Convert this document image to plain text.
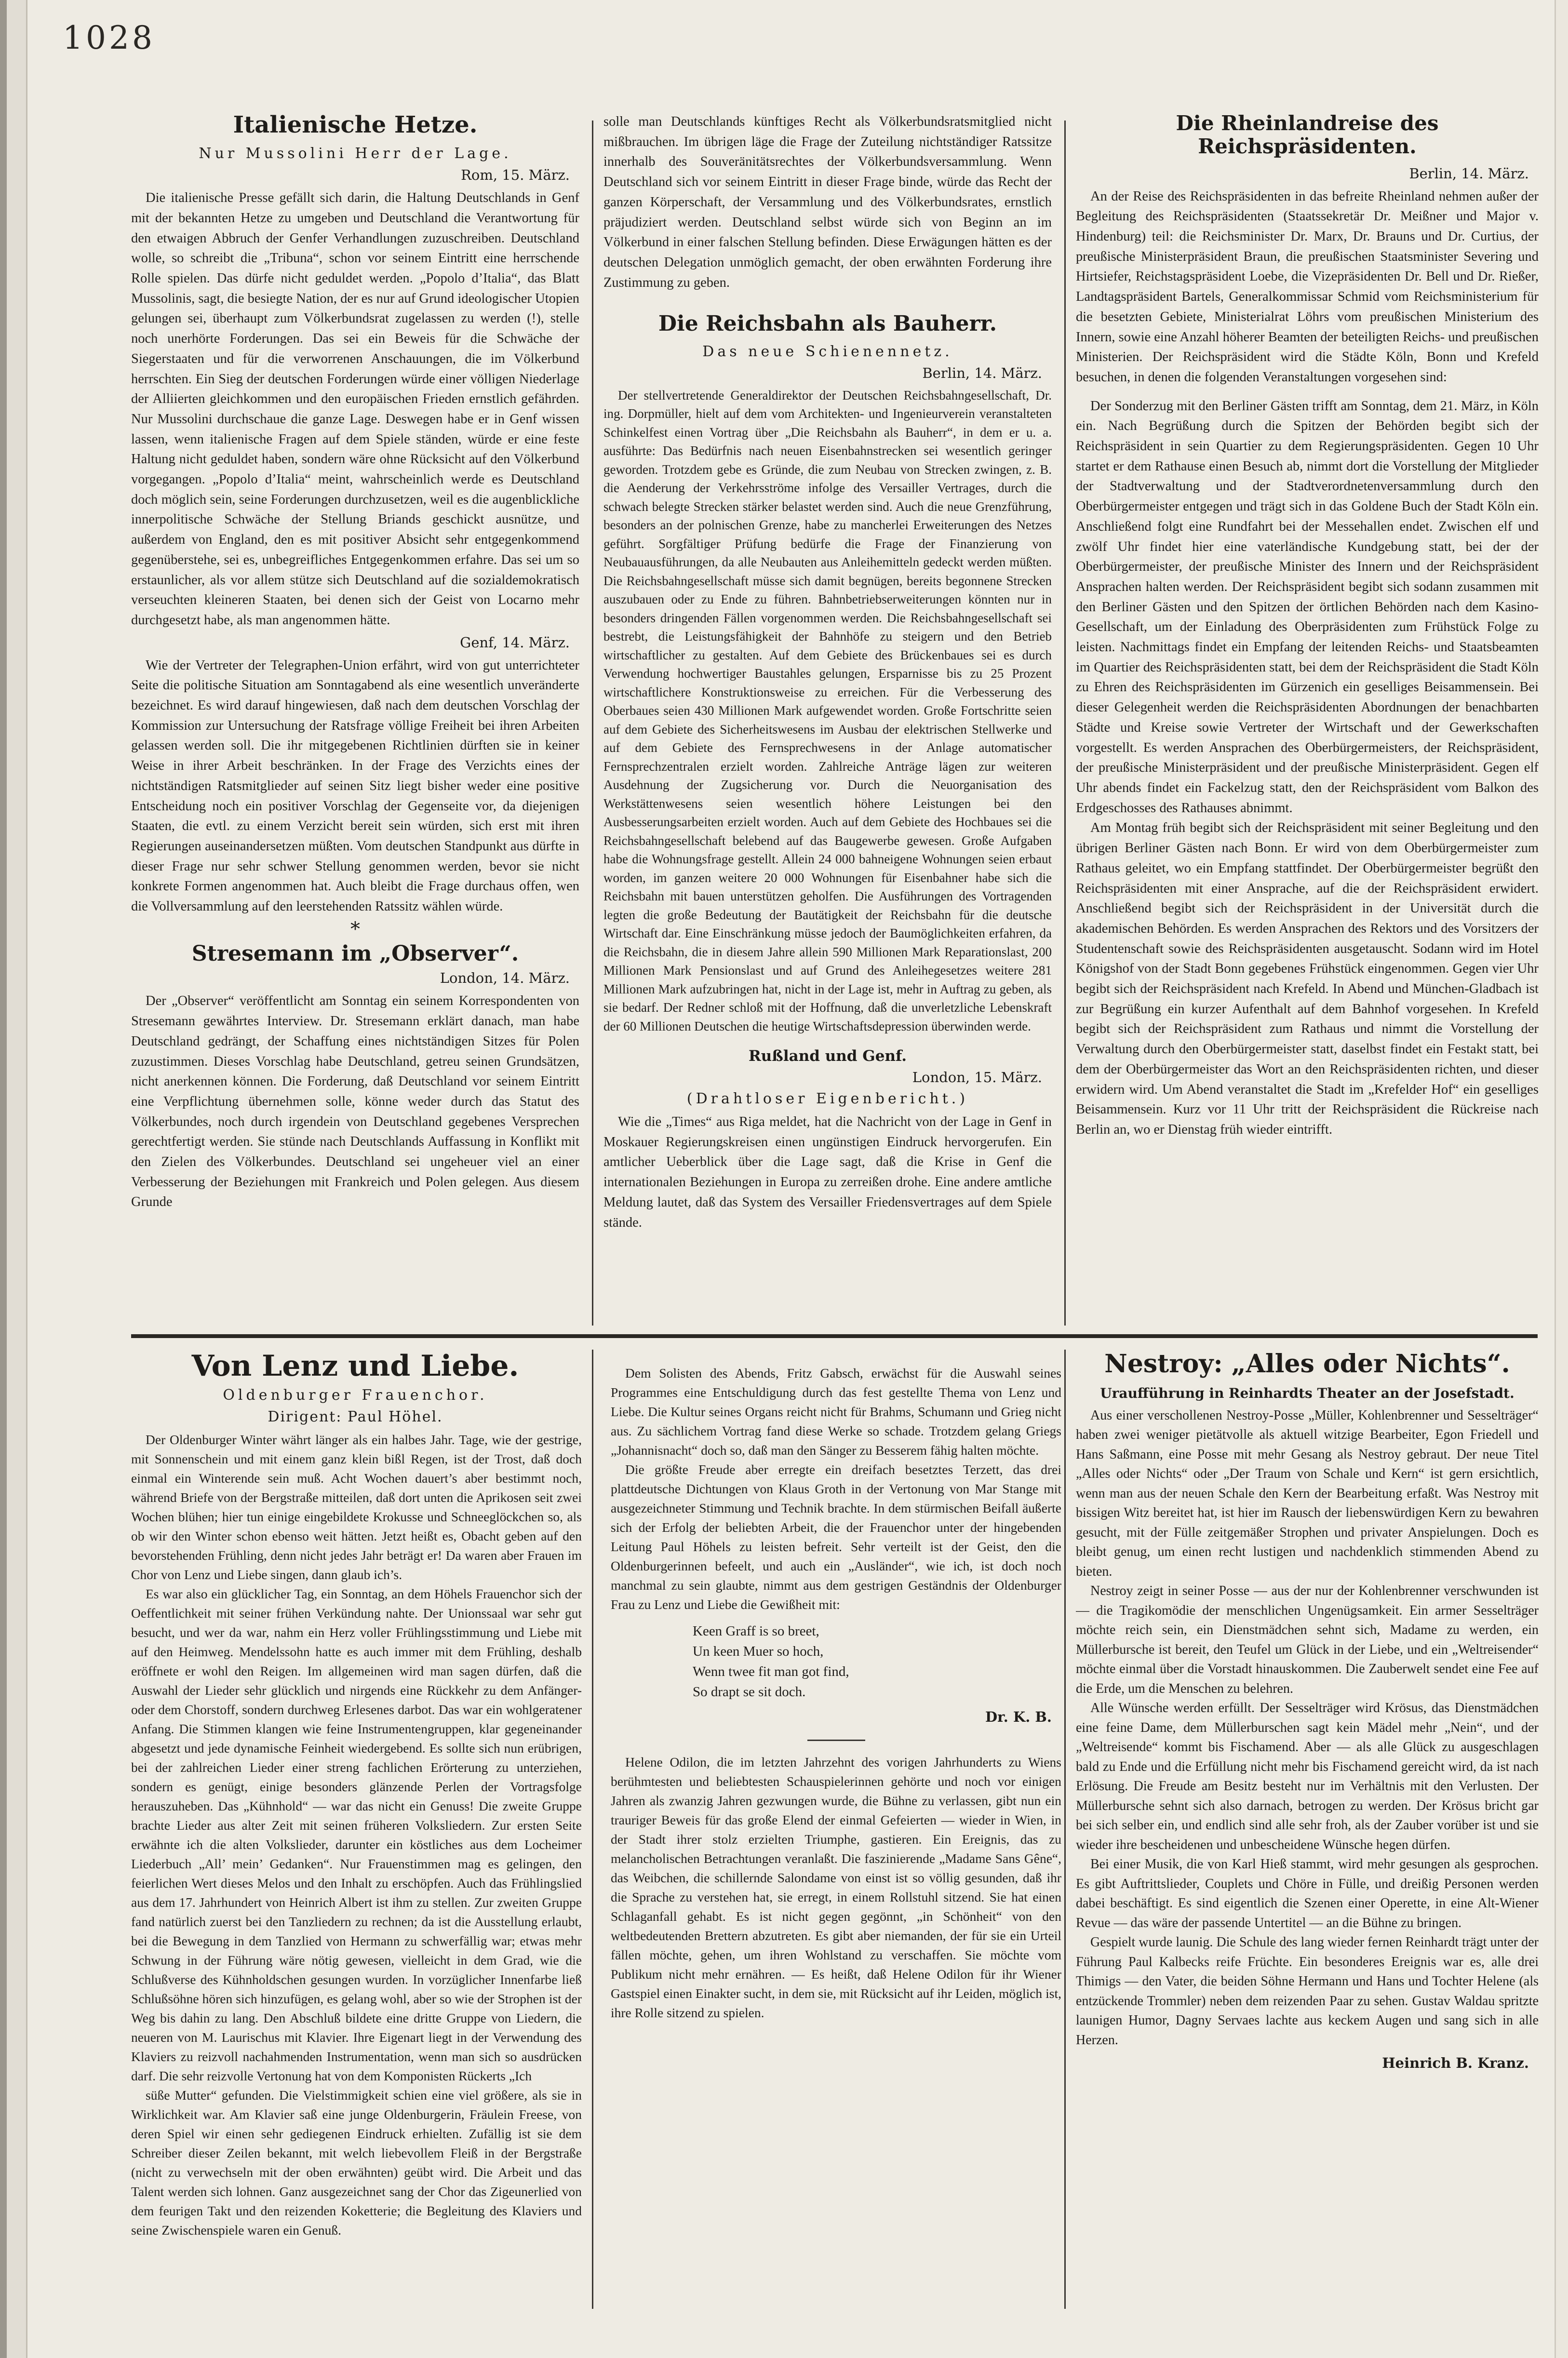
1028
Italienische Hetze.
Nur Mussolini Herr der Lage.
Rom, 15. März.

Die italienische Presse gefällt sich darin, die Haltung Deutschlands in Genf mit der bekannten Hetze zu umgeben und Deutschland die Verantwortung für den etwaigen Abbruch der Genfer Verhandlungen zuzuschreiben. Deutschland wolle, so schreibt die „Tribuna“, schon vor seinem Eintritt eine herrschende Rolle spielen. Das dürfe nicht geduldet werden. „Popolo d’Italia“, das Blatt Mussolinis, sagt, die besiegte Nation, der es nur auf Grund ideologischer Utopien gelungen sei, überhaupt zum Völkerbundsrat zugelassen zu werden (!), stelle noch unerhörte Forderungen. Das sei ein Beweis für die Schwäche der Siegerstaaten und für die verworrenen Anschauungen, die im Völkerbund herrschten. Ein Sieg der deutschen Forderungen würde einer völligen Niederlage der Alliierten gleichkommen und den europäischen Frieden ernstlich gefährden. Nur Mussolini durchschaue die ganze Lage. Deswegen habe er in Genf wissen lassen, wenn italienische Fragen auf dem Spiele ständen, würde er eine feste Haltung nicht geduldet haben, sondern wäre ohne Rücksicht auf den Völkerbund vorgegangen. „Popolo d’Italia“ meint, wahrscheinlich werde es Deutschland doch möglich sein, seine Forderungen durchzusetzen, weil es die augenblickliche innerpolitische Schwäche der Stellung Briands geschickt ausnütze, und außerdem von England, den es mit positiver Absicht sehr entgegenkommend gegenüberstehe, sei es, unbegreifliches Entgegenkommen erfahre. Das sei um so erstaunlicher, als vor allem stütze sich Deutschland auf die sozialdemokratisch verseuchten kleineren Staaten, bei denen sich der Geist von Locarno mehr durchgesetzt habe, als man angenommen hätte.

Genf, 14. März.

Wie der Vertreter der Telegraphen-Union erfährt, wird von gut unterrichteter Seite die politische Situation am Sonntagabend als eine wesentlich unveränderte bezeichnet. Es wird darauf hingewiesen, daß nach dem deutschen Vorschlag der Kommission zur Untersuchung der Ratsfrage völlige Freiheit bei ihren Arbeiten gelassen werden soll. Die ihr mitgegebenen Richtlinien dürften sie in keiner Weise in ihrer Arbeit beschränken. In der Frage des Verzichts eines der nichtständigen Ratsmitglieder auf seinen Sitz liegt bisher weder eine positive Entscheidung noch ein positiver Vorschlag der Gegenseite vor, da diejenigen Staaten, die evtl. zu einem Verzicht bereit sein würden, sich erst mit ihren Regierungen auseinandersetzen müßten. Vom deutschen Standpunkt aus dürfte in dieser Frage nur sehr schwer Stellung genommen werden, bevor sie nicht konkrete Formen angenommen hat. Auch bleibt die Frage durchaus offen, wen die Vollversammlung auf den leerstehenden Ratssitz wählen würde.

*
Stresemann im „Observer“.
London, 14. März.

Der „Observer“ veröffentlicht am Sonntag ein seinem Korrespondenten von Stresemann gewährtes Interview. Dr. Stresemann erklärt danach, man habe Deutschland gedrängt, der Schaffung eines nichtständigen Sitzes für Polen zuzustimmen. Dieses Vorschlag habe Deutschland, getreu seinen Grundsätzen, nicht anerkennen können. Die Forderung, daß Deutschland vor seinem Eintritt eine Verpflichtung übernehmen solle, könne weder durch das Statut des Völkerbundes, noch durch irgendein von Deutschland gegebenes Versprechen gerechtfertigt werden. Sie stünde nach Deutschlands Auffassung in Konflikt mit den Zielen des Völkerbundes. Deutschland sei ungeheuer viel an einer Verbesserung der Beziehungen mit Frankreich und Polen gelegen. Aus diesem Grunde

solle man Deutschlands künftiges Recht als Völkerbundsratsmitglied nicht mißbrauchen. Im übrigen läge die Frage der Zuteilung nichtständiger Ratssitze innerhalb des Souveränitätsrechtes der Völkerbundsversammlung. Wenn Deutschland sich vor seinem Eintritt in dieser Frage binde, würde das Recht der ganzen Körperschaft, der Versammlung und des Völkerbundsrates, ernstlich präjudiziert werden. Deutschland selbst würde sich von Beginn an im Völkerbund in einer falschen Stellung befinden. Diese Erwägungen hätten es der deutschen Delegation unmöglich gemacht, der oben erwähnten Forderung ihre Zustimmung zu geben.

Die Reichsbahn als Bauherr.
Das neue Schienennetz.
Berlin, 14. März.

Der stellvertretende Generaldirektor der Deutschen Reichsbahngesellschaft, Dr. ing. Dorpmüller, hielt auf dem vom Architekten- und Ingenieurverein veranstalteten Schinkelfest einen Vortrag über „Die Reichsbahn als Bauherr“, in dem er u. a. ausführte: Das Bedürfnis nach neuen Eisenbahnstrecken sei wesentlich geringer geworden. Trotzdem gebe es Gründe, die zum Neubau von Strecken zwingen, z. B. die Aenderung der Verkehrsströme infolge des Versailler Vertrages, durch die schwach belegte Strecken stärker belastet werden sind. Auch die neue Grenzführung, besonders an der polnischen Grenze, habe zu mancherlei Erweiterungen des Netzes geführt. Sorgfältiger Prüfung bedürfe die Frage der Finanzierung von Neubauausführungen, da alle Neubauten aus Anleihemitteln gedeckt werden müßten. Die Reichsbahngesellschaft müsse sich damit begnügen, bereits begonnene Strecken auszubauen oder zu Ende zu führen. Bahnbetriebserweiterungen könnten nur in besonders dringenden Fällen vorgenommen werden. Die Reichsbahngesellschaft sei bestrebt, die Leistungsfähigkeit der Bahnhöfe zu steigern und den Betrieb wirtschaftlicher zu gestalten. Auf dem Gebiete des Brückenbaues sei es durch Verwendung hochwertiger Baustahles gelungen, Ersparnisse bis zu 25 Prozent wirtschaftlichere Konstruktionsweise zu erreichen. Für die Verbesserung des Oberbaues seien 430 Millionen Mark aufgewendet worden. Große Fortschritte seien auf dem Gebiete des Sicherheitswesens im Ausbau der elektrischen Stellwerke und auf dem Gebiete des Fernsprechwesens in der Anlage automatischer Fernsprechzentralen erzielt worden. Zahlreiche Anträge lägen zur weiteren Ausdehnung der Zugsicherung vor. Durch die Neuorganisation des Werkstättenwesens seien wesentlich höhere Leistungen bei den Ausbesserungsarbeiten erzielt worden. Auch auf dem Gebiete des Hochbaues sei die Reichsbahngesellschaft belebend auf das Baugewerbe gewesen. Große Aufgaben habe die Wohnungsfrage gestellt. Allein 24 000 bahneigene Wohnungen seien erbaut worden, im ganzen weitere 20 000 Wohnungen für Eisenbahner habe sich die Reichsbahn mit bauen unterstützen geholfen. Die Ausführungen des Vortragenden legten die große Bedeutung der Bautätigkeit der Reichsbahn für die deutsche Wirtschaft dar. Eine Einschränkung müsse jedoch der Baumöglichkeiten erfahren, da die Reichsbahn, die in diesem Jahre allein 590 Millionen Mark Reparationslast, 200 Millionen Mark Pensionslast und auf Grund des Anleihegesetzes weitere 281 Millionen Mark aufzubringen hat, nicht in der Lage ist, mehr in Auftrag zu geben, als sie bedarf. Der Redner schloß mit der Hoffnung, daß die unverletzliche Lebenskraft der 60 Millionen Deutschen die heutige Wirtschaftsdepression überwinden werde.

Rußland und Genf.
London, 15. März.
(Drahtloser Eigenbericht.)

Wie die „Times“ aus Riga meldet, hat die Nachricht von der Lage in Genf in Moskauer Regierungskreisen einen ungünstigen Eindruck hervorgerufen. Ein amtlicher Ueberblick über die Lage sagt, daß die Krise in Genf die internationalen Beziehungen in Europa zu zerreißen drohe. Eine andere amtliche Meldung lautet, daß das System des Versailler Friedensvertrages auf dem Spiele stände.

Die Rheinlandreise des Reichspräsidenten.
Berlin, 14. März.

An der Reise des Reichspräsidenten in das befreite Rheinland nehmen außer der Begleitung des Reichspräsidenten (Staatssekretär Dr. Meißner und Major v. Hindenburg) teil: die Reichsminister Dr. Marx, Dr. Brauns und Dr. Curtius, der preußische Ministerpräsident Braun, die preußischen Staatsminister Severing und Hirtsiefer, Reichstagspräsident Loebe, die Vizepräsidenten Dr. Bell und Dr. Rießer, Landtagspräsident Bartels, Generalkommissar Schmid vom Reichsministerium für die besetzten Gebiete, Ministerialrat Löhrs vom preußischen Ministerium des Innern, sowie eine Anzahl höherer Beamten der beteiligten Reichs- und preußischen Ministerien. Der Reichspräsident wird die Städte Köln, Bonn und Krefeld besuchen, in denen die folgenden Veranstaltungen vorgesehen sind:

Der Sonderzug mit den Berliner Gästen trifft am Sonntag, dem 21. März, in Köln ein. Nach Begrüßung durch die Spitzen der Behörden begibt sich der Reichspräsident in sein Quartier zu dem Regierungspräsidenten. Gegen 10 Uhr startet er dem Rathause einen Besuch ab, nimmt dort die Vorstellung der Mitglieder der Stadtverwaltung und der Stadtverordnetenversammlung durch den Oberbürgermeister entgegen und trägt sich in das Goldene Buch der Stadt Köln ein. Anschließend folgt eine Rundfahrt bei der Messehallen endet. Zwischen elf und zwölf Uhr findet hier eine vaterländische Kundgebung statt, bei der der Oberbürgermeister, der preußische Minister des Innern und der Reichspräsident Ansprachen halten werden. Der Reichspräsident begibt sich sodann zusammen mit den Berliner Gästen und den Spitzen der örtlichen Behörden nach dem Kasino-Gesellschaft, um der Einladung des Oberpräsidenten zum Frühstück Folge zu leisten. Nachmittags findet ein Empfang der leitenden Reichs- und Staatsbeamten im Quartier des Reichspräsidenten statt, bei dem der Reichspräsident die Stadt Köln zu Ehren des Reichspräsidenten im Gürzenich ein geselliges Beisammensein. Bei dieser Gelegenheit werden die Reichspräsidenten Abordnungen der benachbarten Städte und Kreise sowie Vertreter der Wirtschaft und der Gewerkschaften vorgestellt. Es werden Ansprachen des Oberbürgermeisters, der Reichspräsident, der preußische Ministerpräsident und der preußische Ministerpräsident. Gegen elf Uhr abends findet ein Fackelzug statt, den der Reichspräsident vom Balkon des Erdgeschosses des Rathauses abnimmt.

Am Montag früh begibt sich der Reichspräsident mit seiner Begleitung und den übrigen Berliner Gästen nach Bonn. Er wird von dem Oberbürgermeister zum Rathaus geleitet, wo ein Empfang stattfindet. Der Oberbürgermeister begrüßt den Reichspräsidenten mit einer Ansprache, auf die der Reichspräsident erwidert. Anschließend begibt sich der Reichspräsident in der Universität durch die akademischen Behörden. Es werden Ansprachen des Rektors und des Vorsitzers der Studentenschaft sowie des Reichspräsidenten ausgetauscht. Sodann wird im Hotel Königshof von der Stadt Bonn gegebenes Frühstück eingenommen. Gegen vier Uhr begibt sich der Reichspräsident nach Krefeld. In Abend und München-Gladbach ist zur Begrüßung ein kurzer Aufenthalt auf dem Bahnhof vorgesehen. In Krefeld begibt sich der Reichspräsident zum Rathaus und nimmt die Vorstellung der Verwaltung durch den Oberbürgermeister statt, daselbst findet ein Festakt statt, bei dem der Oberbürgermeister das Wort an den Reichspräsidenten richten, und dieser erwidern wird. Um Abend veranstaltet die Stadt im „Krefelder Hof“ ein geselliges Beisammensein. Kurz vor 11 Uhr tritt der Reichspräsident die Rückreise nach Berlin an, wo er Dienstag früh wieder eintrifft.

Von Lenz und Liebe.
Oldenburger Frauenchor.
Dirigent: Paul Höhel.

Der Oldenburger Winter währt länger als ein halbes Jahr. Tage, wie der gestrige, mit Sonnenschein und mit einem ganz klein bißl Regen, ist der Trost, daß doch einmal ein Winterende sein muß. Acht Wochen dauert’s aber bestimmt noch, während Briefe von der Bergstraße mitteilen, daß dort unten die Aprikosen seit zwei Wochen blühen; hier tun einige eingebildete Krokusse und Schneeglöckchen so, als ob wir den Winter schon ebenso weit hätten. Jetzt heißt es, Obacht geben auf den bevorstehenden Frühling, denn nicht jedes Jahr beträgt er! Da waren aber Frauen im Chor von Lenz und Liebe singen, dann glaub ich’s.

Es war also ein glücklicher Tag, ein Sonntag, an dem Höhels Frauenchor sich der Oeffentlichkeit mit seiner frühen Verkündung nahte. Der Unionssaal war sehr gut besucht, und wer da war, nahm ein Herz voller Frühlingsstimmung und Liebe mit auf den Heimweg. Mendelssohn hatte es auch immer mit dem Frühling, deshalb eröffnete er wohl den Reigen. Im allgemeinen wird man sagen dürfen, daß die Auswahl der Lieder sehr glücklich und nirgends eine Rückkehr zu dem Anfänger- oder dem Chorstoff, sondern durchweg Erlesenes darbot. Das war ein wohlgeratener Anfang. Die Stimmen klangen wie feine Instrumentengruppen, klar gegeneinander abgesetzt und jede dynamische Feinheit wiedergebend. Es sollte sich nun erübrigen, bei der zahlreichen Lieder einer streng fachlichen Erörterung zu unterziehen, sondern es genügt, einige besonders glänzende Perlen der Vortragsfolge herauszuheben. Das „Kühnhold“ — war das nicht ein Genuss! Die zweite Gruppe brachte Lieder aus alter Zeit mit seinen früheren Volksliedern. Zur ersten Seite erwähnte ich die alten Volkslieder, darunter ein köstliches aus dem Locheimer Liederbuch „All’ mein’ Gedanken“. Nur Frauenstimmen mag es gelingen, den feierlichen Wert dieses Melos und den Inhalt zu erschöpfen. Auch das Frühlingslied aus dem 17. Jahrhundert von Heinrich Albert ist ihm zu stellen. Zur zweiten Gruppe fand natürlich zuerst bei den Tanzliedern zu rechnen; da ist die Ausstellung erlaubt, bei die Bewegung in dem Tanzlied von Hermann zu schwerfällig war; etwas mehr Schwung in der Führung wäre nötig gewesen, vielleicht in dem Grad, wie die Schlußverse des Kühnholdschen gesungen wurden. In vorzüglicher Innenfarbe ließ Schlußsöhne hören sich hinzufügen, es gelang wohl, aber so wie der Strophen ist der Weg bis dahin zu lang. Den Abschluß bildete eine dritte Gruppe von Liedern, die neueren von M. Laurischus mit Klavier. Ihre Eigenart liegt in der Verwendung des Klaviers zu reizvoll nachahmenden Instrumentation, wenn man sich so ausdrücken darf. Die sehr reizvolle Vertonung hat von dem Komponisten Rückerts „Ich

süße Mutter“ gefunden. Die Vielstimmigkeit schien eine viel größere, als sie in Wirklichkeit war. Am Klavier saß eine junge Oldenburgerin, Fräulein Freese, von deren Spiel wir einen sehr gediegenen Eindruck erhielten. Zufällig ist sie dem Schreiber dieser Zeilen bekannt, mit welch liebevollem Fleiß in der Bergstraße (nicht zu verwechseln mit der oben erwähnten) geübt wird. Die Arbeit und das Talent werden sich lohnen. Ganz ausgezeichnet sang der Chor das Zigeunerlied von dem feurigen Takt und den reizenden Koketterie; die Begleitung des Klaviers und seine Zwischenspiele waren ein Genuß.

Dem Solisten des Abends, Fritz Gabsch, erwächst für die Auswahl seines Programmes eine Entschuldigung durch das fest gestellte Thema von Lenz und Liebe. Die Kultur seines Organs reicht nicht für Brahms, Schumann und Grieg nicht aus. Zu sächlichem Vortrag fand diese Werke so schade. Trotzdem gelang Griegs „Johannisnacht“ doch so, daß man den Sänger zu Besserem fähig halten möchte.

Die größte Freude aber erregte ein dreifach besetztes Terzett, das drei plattdeutsche Dichtungen von Klaus Groth in der Vertonung von Mar Stange mit ausgezeichneter Stimmung und Technik brachte. In dem stürmischen Beifall äußerte sich der Erfolg der beliebten Arbeit, die der Frauenchor unter der hingebenden Leitung Paul Höhels zu leisten befreit. Sehr verteilt ist der Geist, den die Oldenburgerinnen befeelt, und auch ein „Ausländer“, wie ich, ist doch noch manchmal zu sein glaubte, nimmt aus dem gestrigen Geständnis der Oldenburger Frau zu Lenz und Liebe die Gewißheit mit:

Keen Graff is so breet,
Un keen Muer so hoch,
Wenn twee fit man got find,
So drapt se sit doch.
Dr. K. B.

Helene Odilon, die im letzten Jahrzehnt des vorigen Jahrhunderts zu Wiens berühmtesten und beliebtesten Schauspielerinnen gehörte und noch vor einigen Jahren als zwanzig Jahren gezwungen wurde, die Bühne zu verlassen, gibt nun ein trauriger Beweis für das große Elend der einmal Gefeierten — wieder in Wien, in der Stadt ihrer stolz erzielten Triumphe, gastieren. Ein Ereignis, das zu melancholischen Betrachtungen veranlaßt. Die faszinierende „Madame Sans Gêne“, das Weibchen, die schillernde Salondame von einst ist so völlig gesunden, daß ihr die Sprache zu verstehen hat, sie erregt, in einem Rollstuhl sitzend. Sie hat einen Schlaganfall gehabt. Es ist nicht gegen gegönnt, „in Schönheit“ von den weltbedeutenden Brettern abzutreten. Es gibt aber niemanden, der für sie ein Urteil fällen möchte, gehen, um ihren Wohlstand zu verschaffen. Sie möchte vom Publikum nicht mehr ernähren. — Es heißt, daß Helene Odilon für ihr Wiener Gastspiel einen Einakter sucht, in dem sie, mit Rücksicht auf ihr Leiden, möglich ist, ihre Rolle sitzend zu spielen.

Nestroy: „Alles oder Nichts“.
Uraufführung in Reinhardts Theater an der Josefstadt.

Aus einer verschollenen Nestroy-Posse „Müller, Kohlenbrenner und Sesselträger“ haben zwei weniger pietätvolle als aktuell witzige Bearbeiter, Egon Friedell und Hans Saßmann, eine Posse mit mehr Gesang als Nestroy gebraut. Der neue Titel „Alles oder Nichts“ oder „Der Traum von Schale und Kern“ ist gern ersichtlich, wenn man aus der neuen Schale den Kern der Bearbeitung erfaßt. Was Nestroy mit bissigen Witz bereitet hat, ist hier im Rausch der liebenswürdigen Kern zu bewahren gesucht, mit der Fülle zeitgemäßer Strophen und privater Anspielungen. Doch es bleibt genug, um einen recht lustigen und nachdenklich stimmenden Abend zu bieten.

Nestroy zeigt in seiner Posse — aus der nur der Kohlenbrenner verschwunden ist — die Tragikomödie der menschlichen Ungenügsamkeit. Ein armer Sesselträger möchte reich sein, ein Dienstmädchen sehnt sich, Madame zu werden, ein Müllerbursche ist bereit, den Teufel um Glück in der Liebe, und ein „Weltreisender“ möchte einmal über die Vorstadt hinauskommen. Die Zauberwelt sendet eine Fee auf die Erde, um die Menschen zu belehren.

Alle Wünsche werden erfüllt. Der Sesselträger wird Krösus, das Dienstmädchen eine feine Dame, dem Müllerburschen sagt kein Mädel mehr „Nein“, und der „Weltreisende“ kommt bis Fischamend. Aber — als alle Glück zu ausgeschlagen bald zu Ende und die Erfüllung nicht mehr bis Fischamend gereicht wird, da ist nach Erlösung. Die Freude am Besitz besteht nur im Verhältnis mit den Verlusten. Der Müllerbursche sehnt sich also darnach, betrogen zu werden. Der Krösus bricht gar bei sich selber ein, und endlich sind alle sehr froh, als der Zauber vorüber ist und sie wieder ihre bescheidenen und unbescheidene Wünsche hegen dürfen.

Bei einer Musik, die von Karl Hieß stammt, wird mehr gesungen als gesprochen. Es gibt Auftrittslieder, Couplets und Chöre in Fülle, und dreißig Personen werden dabei beschäftigt. Es sind eigentlich die Szenen einer Operette, in eine Alt-Wiener Revue — das wäre der passende Untertitel — an die Bühne zu bringen.

Gespielt wurde launig. Die Schule des lang wieder fernen Reinhardt trägt unter der Führung Paul Kalbecks reife Früchte. Ein besonderes Ereignis war es, alle drei Thimigs — den Vater, die beiden Söhne Hermann und Hans und Tochter Helene (als entzückende Trommler) neben dem reizenden Paar zu sehen. Gustav Waldau spritzte launigen Humor, Dagny Servaes lachte aus keckem Augen und sang sich in alle Herzen.

Heinrich B. Kranz.
